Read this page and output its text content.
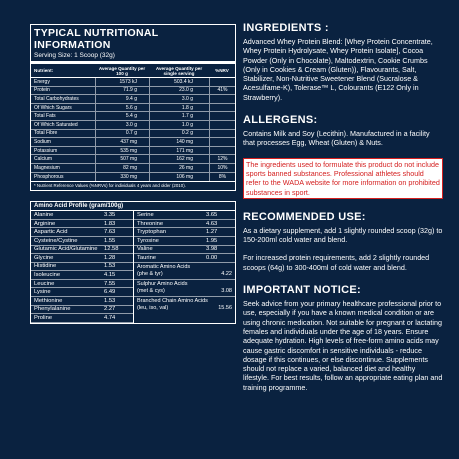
TYPICAL NUTRITIONAL INFORMATION
Serving Size: 1 Scoop (32g)
Nutrient:	Average Quantity per 100 g
Average Quantity per single serving	%NRV
Energy	1573 kJ	503.4 kJ
Protein	71.9 g	23.0 g	41%
Total Carbohydrates	9.4 g	3.0 g
Of Which Sugars	5.6 g	1.8 g
Total Fats	5.4 g	1.7 g
Of Which Saturated	3.0 g	1.0 g
Total Fibre	0.7 g	0.2 g
Sodium	437 mg	140 mg
Potassium	535 mg	171 mg
Calcium	507 mg	162 mg	12%
Magnesium	82 mg	26 mg	10%
Phosphorous	330 mg	106 mg	8%
* Nutrient Reference Values (%NRVs) for individuals 4 years and older (2010).
Amino Acid Profile (gram/100g)
Alanine	3.35
Arginine	1.83
Aspartic Acid	7.63
Cysteine/Cystine	1.55
Glutamic Acid/Glutamine 12.58
Glycine	1.28
Histidine	1.53
Isoleucine	4.15
Leucine	7.55
Lysine	6.49
Methionine	1.53
Phenylalanine	2.27
Proline	4.74
Serine	3.65
Threonine	4.63
Tryptophan	1.27
Tyrosine	1.95
Valine	3.98
Taurine	0.00
Aromatic Amino Acids
(phe & tyr)	4.22
Sulphur Amino Acids
(met & cys)	3.08
Branched Chain Amino Acids
(leu, iso, val)	15.56
INGREDIENTS :

Advanced Whey Protein Blend: [Whey Protein Concentrate, Whey Protein Hydrolysate, Whey Protein Isolate], Cocoa Powder (Only in Chocolate), Maltodextrin, Cookie Crumbs (Only in Cookies & Cream (Gluten)), Flavourants, Salt, Stabilizer, Non-Nutritive Sweetener Blend (Sucralose & Acesulfame-K), Tolerase™ L, Colourants (E122 Only in Strawberry).

ALLERGENS:

Contains Milk and Soy (Lecithin). Manufactured in a facility that processes Egg, Wheat (Gluten) & Nuts.

The ingredients used to formulate this product do not include sports banned substances. Professional athletes should refer to the WADA website for more information on prohibited substances in sport.

RECOMMENDED USE:

As a dietary supplement, add 1 slightly rounded scoop (32g) to 150-200ml cold water and blend.

For increased protein requirements, add 2 slightly rounded scoops (64g) to 300-400ml of cold water and blend.

IMPORTANT NOTICE:

Seek advice from your primary healthcare professional prior to use, especially if you have a known medical condition or are using chronic medication. Not suitable for pregnant or lactating females and individuals under the age of 18 years. Ensure adequate hydration. High levels of free-form amino acids may cause gastric discomfort in sensitive individuals - reduce dosage if this continues, or else discontinue. Supplements should not replace a varied, balanced diet and healthy lifestyle. For best results, follow an appropriate eating plan and training programme.
